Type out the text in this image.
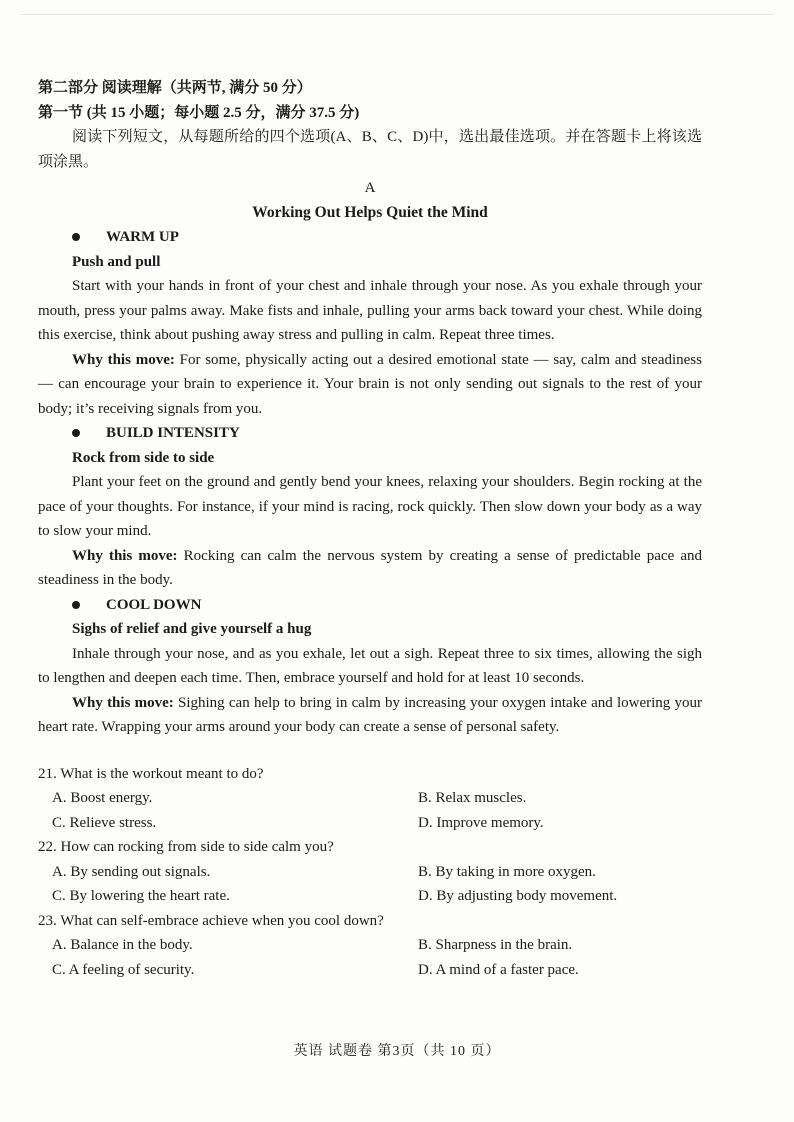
第二部分 阅读理解（共两节, 满分 50 分）

第一节 (共 15 小题；每小题 2.5 分，满分 37.5 分)

阅读下列短文，从每题所给的四个选项(A、B、C、D)中，选出最佳选项。并在答题卡上将该选项涂黑。

A

Working Out Helps Quiet the Mind

WARM UP

Push and pull

Start with your hands in front of your chest and inhale through your nose. As you exhale through your mouth, press your palms away. Make fists and inhale, pulling your arms back toward your chest. While doing this exercise, think about pushing away stress and pulling in calm. Repeat three times.

Why this move: For some, physically acting out a desired emotional state — say, calm and steadiness — can encourage your brain to experience it. Your brain is not only sending out signals to the rest of your body; it’s receiving signals from you.

BUILD INTENSITY

Rock from side to side

Plant your feet on the ground and gently bend your knees, relaxing your shoulders. Begin rocking at the pace of your thoughts. For instance, if your mind is racing, rock quickly. Then slow down your body as a way to slow your mind.

Why this move: Rocking can calm the nervous system by creating a sense of predictable pace and steadiness in the body.

COOL DOWN

Sighs of relief and give yourself a hug

Inhale through your nose, and as you exhale, let out a sigh. Repeat three to six times, allowing the sigh to lengthen and deepen each time. Then, embrace yourself and hold for at least 10 seconds.

Why this move: Sighing can help to bring in calm by increasing your oxygen intake and lowering your heart rate. Wrapping your arms around your body can create a sense of personal safety.

21. What is the workout meant to do?

A. Boost energy.	B. Relax muscles.
C. Relieve stress.	D. Improve memory.

22. How can rocking from side to side calm you?

A. By sending out signals.	B. By taking in more oxygen.
C. By lowering the heart rate.	D. By adjusting body movement.

23. What can self-embrace achieve when you cool down?

A. Balance in the body.	B. Sharpness in the brain.
C. A feeling of security.	D. A mind of a faster pace.
英语 试题卷 第3页（共 10 页）
